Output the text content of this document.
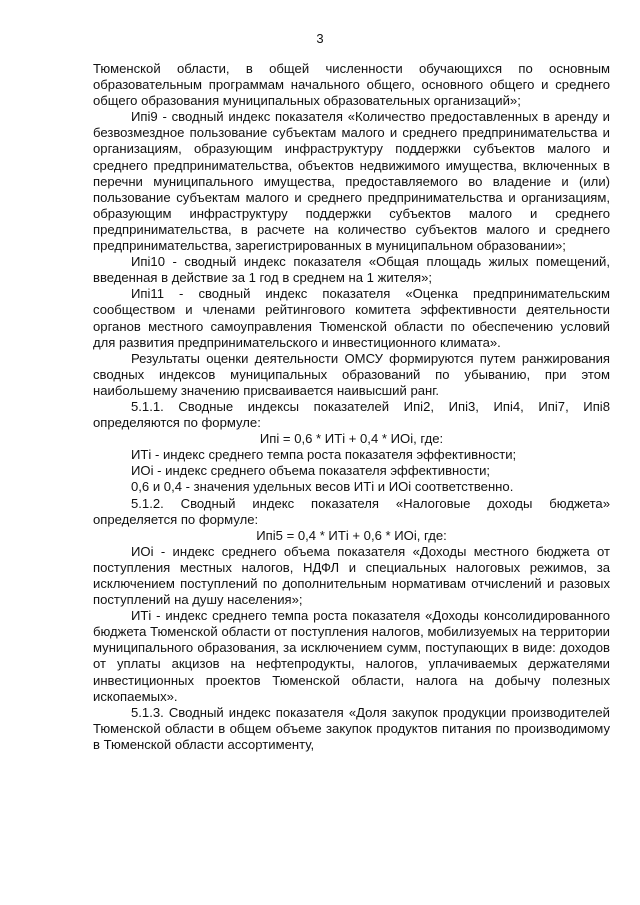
3

Тюменской области, в общей численности обучающихся по основным образовательным программам начального общего, основного общего и среднего общего образования муниципальных образовательных организаций»;

Ипi9 - сводный индекс показателя «Количество предоставленных в аренду и безвозмездное пользование субъектам малого и среднего предпринимательства и организациям, образующим инфраструктуру поддержки субъектов малого и среднего предпринимательства, объектов недвижимого имущества, включенных в перечни муниципального имущества, предоставляемого во владение и (или) пользование субъектам малого и среднего предпринимательства и организациям, образующим инфраструктуру поддержки субъектов малого и среднего предпринимательства, в расчете на количество субъектов малого и среднего предпринимательства, зарегистрированных в муниципальном образовании»;

Ипi10 - сводный индекс показателя «Общая площадь жилых помещений, введенная в действие за 1 год в среднем на 1 жителя»;

Ипi11 - сводный индекс показателя «Оценка предпринимательским сообществом и членами рейтингового комитета эффективности деятельности органов местного самоуправления Тюменской области по обеспечению условий для развития предпринимательского и инвестиционного климата».

Результаты оценки деятельности ОМСУ формируются путем ранжирования сводных индексов муниципальных образований по убыванию, при этом наибольшему значению присваивается наивысший ранг.

5.1.1. Сводные индексы показателей Ипi2, Ипi3, Ипi4, Ипi7, Ипi8 определяются по формуле:

Ипi = 0,6 * ИТi + 0,4 * ИОi, где:

ИТi - индекс среднего темпа роста показателя эффективности;

ИОi - индекс среднего объема показателя эффективности;

0,6 и 0,4 - значения удельных весов ИТi и ИОi соответственно.

5.1.2. Сводный индекс показателя «Налоговые доходы бюджета» определяется по формуле:

Ипi5 = 0,4 * ИТi + 0,6 * ИОi, где:

ИОi - индекс среднего объема показателя «Доходы местного бюджета от поступления местных налогов, НДФЛ и специальных налоговых режимов, за исключением поступлений по дополнительным нормативам отчислений и разовых поступлений на душу населения»;

ИТi - индекс среднего темпа роста показателя «Доходы консолидированного бюджета Тюменской области от поступления налогов, мобилизуемых на территории муниципального образования, за исключением сумм, поступающих в виде: доходов от уплаты акцизов на нефтепродукты, налогов, уплачиваемых держателями инвестиционных проектов Тюменской области, налога на добычу полезных ископаемых».

5.1.3. Сводный индекс показателя «Доля закупок продукции производителей Тюменской области в общем объеме закупок продуктов питания по производимому в Тюменской области ассортименту,
